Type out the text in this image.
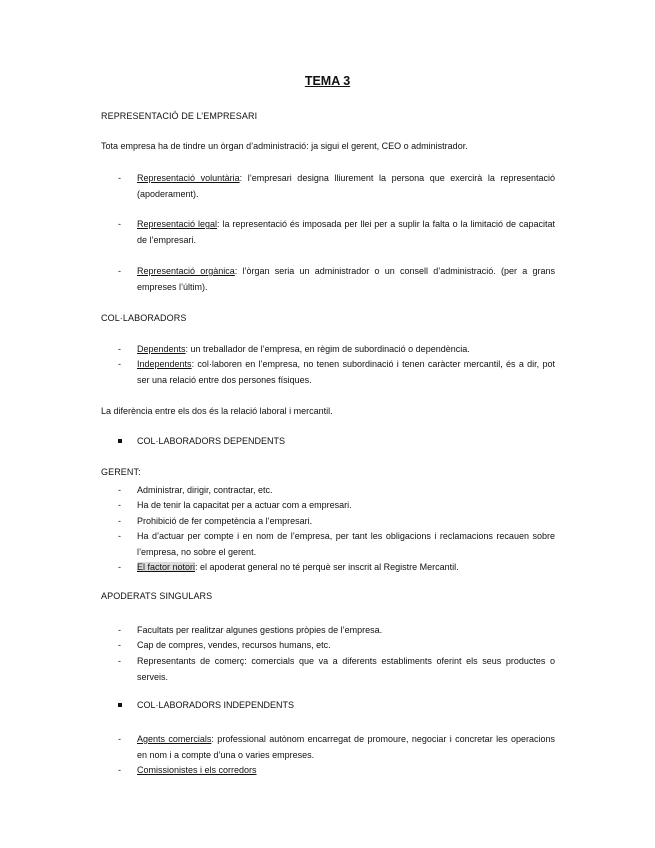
TEMA 3
REPRESENTACIÓ DE L’EMPRESARI
Tota empresa ha de tindre un òrgan d’administració: ja sigui el gerent, CEO o administrador.
- Representació voluntària: l’empresari designa lliurement la persona que exercirà la representació (apoderament).
- Representació legal: la representació és imposada per llei per a suplir la falta o la limitació de capacitat de l’empresari.
- Representació orgànica: l’òrgan seria un administrador o un consell d’administració. (per a grans empreses l’últim).
COL·LABORADORS
- Dependents: un treballador de l’empresa, en règim de subordinació o dependència.
- Independents: col·laboren en l’empresa, no tenen subordinació i tenen caràcter mercantil, és a dir, pot ser una relació entre dos persones físiques.
La diferència entre els dos és la relació laboral i mercantil.
COL·LABORADORS DEPENDENTS
GERENT:
- Administrar, dirigir, contractar, etc.
- Ha de tenir la capacitat per a actuar com a empresari.
- Prohibició de fer competència a l’empresari.
- Ha d’actuar per compte i en nom de l’empresa, per tant les obligacions i reclamacions recauen sobre l’empresa, no sobre el gerent.
- El factor notori: el apoderat general no té perquè ser inscrit al Registre Mercantil.
APODERATS SINGULARS
- Facultats per realitzar algunes gestions pròpies de l’empresa.
- Cap de compres, vendes, recursos humans, etc.
- Representants de comerç: comercials que va a diferents establiments oferint els seus productes o serveis.
COL·LABORADORS INDEPENDENTS
- Agents comercials: professional autònom encarregat de promoure, negociar i concretar les operacions en nom i a compte d’una o varies empreses.
- Comissionistes i els corredors
